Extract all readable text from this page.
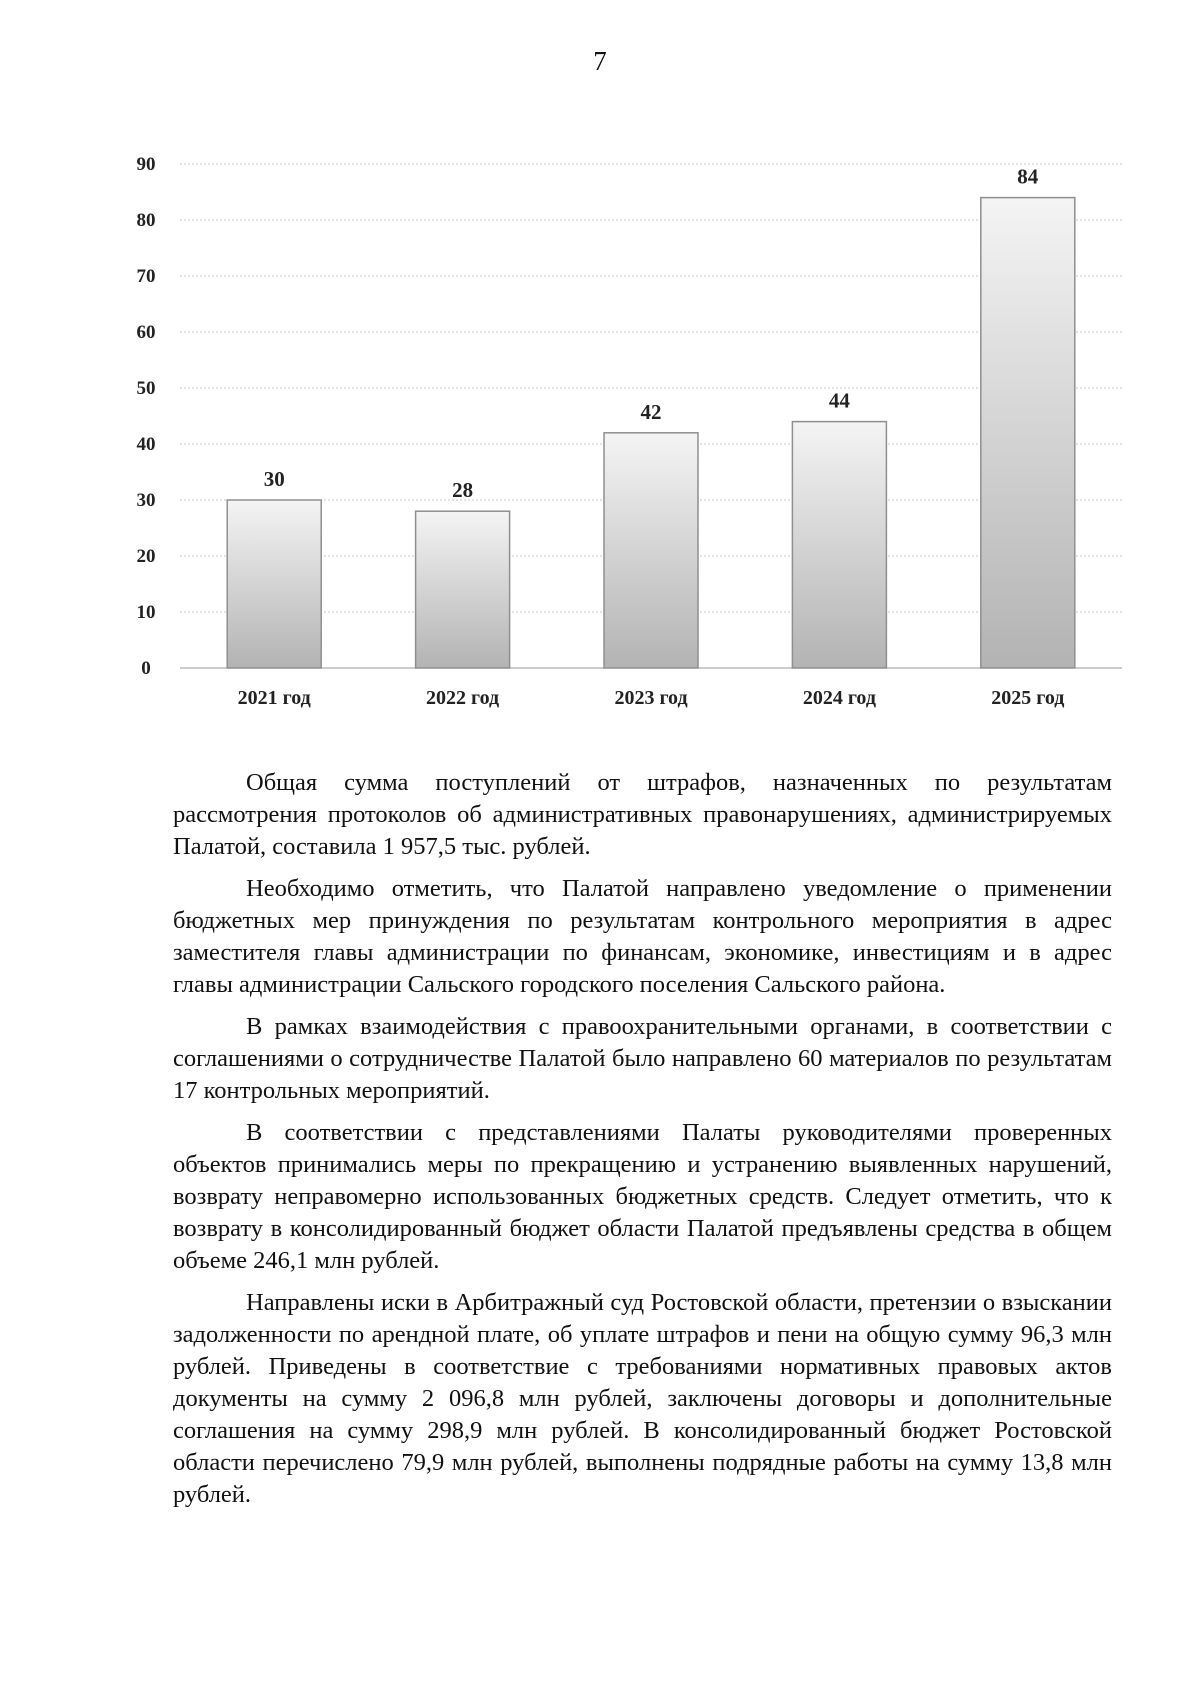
7
0
10
20
30
40
50
60
70
80
90
30	28
42	44
84
2021 год	2022 год	2023 год	2024 год	2025 год

Общая сумма поступлений от штрафов, назначенных по результатам рассмотрения протоколов об административных правонарушениях, администрируемых Палатой, составила 1 957,5 тыс. рублей.

Необходимо отметить, что Палатой направлено уведомление о применении бюджетных мер принуждения по результатам контрольного мероприятия в адрес заместителя главы администрации по финансам, экономике, инвестициям и в адрес главы администрации Сальского городского поселения Сальского района.

В рамках взаимодействия с правоохранительными органами, в соответствии с соглашениями о сотрудничестве Палатой было направлено 60 материалов по результатам 17 контрольных мероприятий.

В соответствии с представлениями Палаты руководителями проверенных объектов принимались меры по прекращению и устранению выявленных нарушений, возврату неправомерно использованных бюджетных средств. Следует отметить, что к возврату в консолидированный бюджет области Палатой предъявлены средства в общем объеме 246,1 млн рублей.

Направлены иски в Арбитражный суд Ростовской области, претензии о взыскании задолженности по арендной плате, об уплате штрафов и пени на общую сумму 96,3 млн рублей. Приведены в соответствие с требованиями нормативных правовых актов документы на сумму 2 096,8 млн рублей, заключены договоры и дополнительные соглашения на сумму 298,9 млн рублей. В консолидированный бюджет Ростовской области перечислено 79,9 млн рублей, выполнены подрядные работы на сумму 13,8 млн рублей.
